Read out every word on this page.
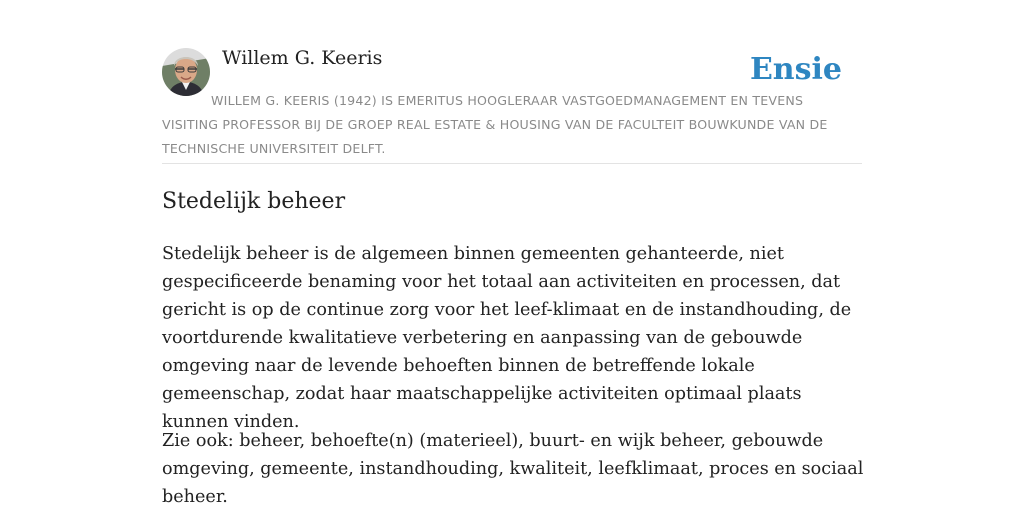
Willem G. Keeris	Ensie

WILLEM G. KEERIS (1942) IS EMERITUS HOOGLERAAR VASTGOEDMANAGEMENT EN TEVENS VISITING PROFESSOR BIJ DE GROEP REAL ESTATE & HOUSING VAN DE FACULTEIT BOUWKUNDE VAN DE TECHNISCHE UNIVERSITEIT DELFT.

Stedelijk beheer

Stedelijk beheer is de algemeen binnen gemeenten gehanteerde, niet gespecificeerde benaming voor het totaal aan activiteiten en processen, dat gericht is op de continue zorg voor het leef-klimaat en de instandhouding, de voortdurende kwalitatieve verbetering en aanpassing van de gebouwde omgeving naar de levende behoeften binnen de betreffende lokale gemeenschap, zodat haar maatschappelijke activiteiten optimaal plaats kunnen vinden.

Zie ook: beheer, behoefte(n) (materieel), buurt- en wijk beheer, gebouwde omgeving, gemeente, instandhouding, kwaliteit, leefklimaat, proces en sociaal beheer.
